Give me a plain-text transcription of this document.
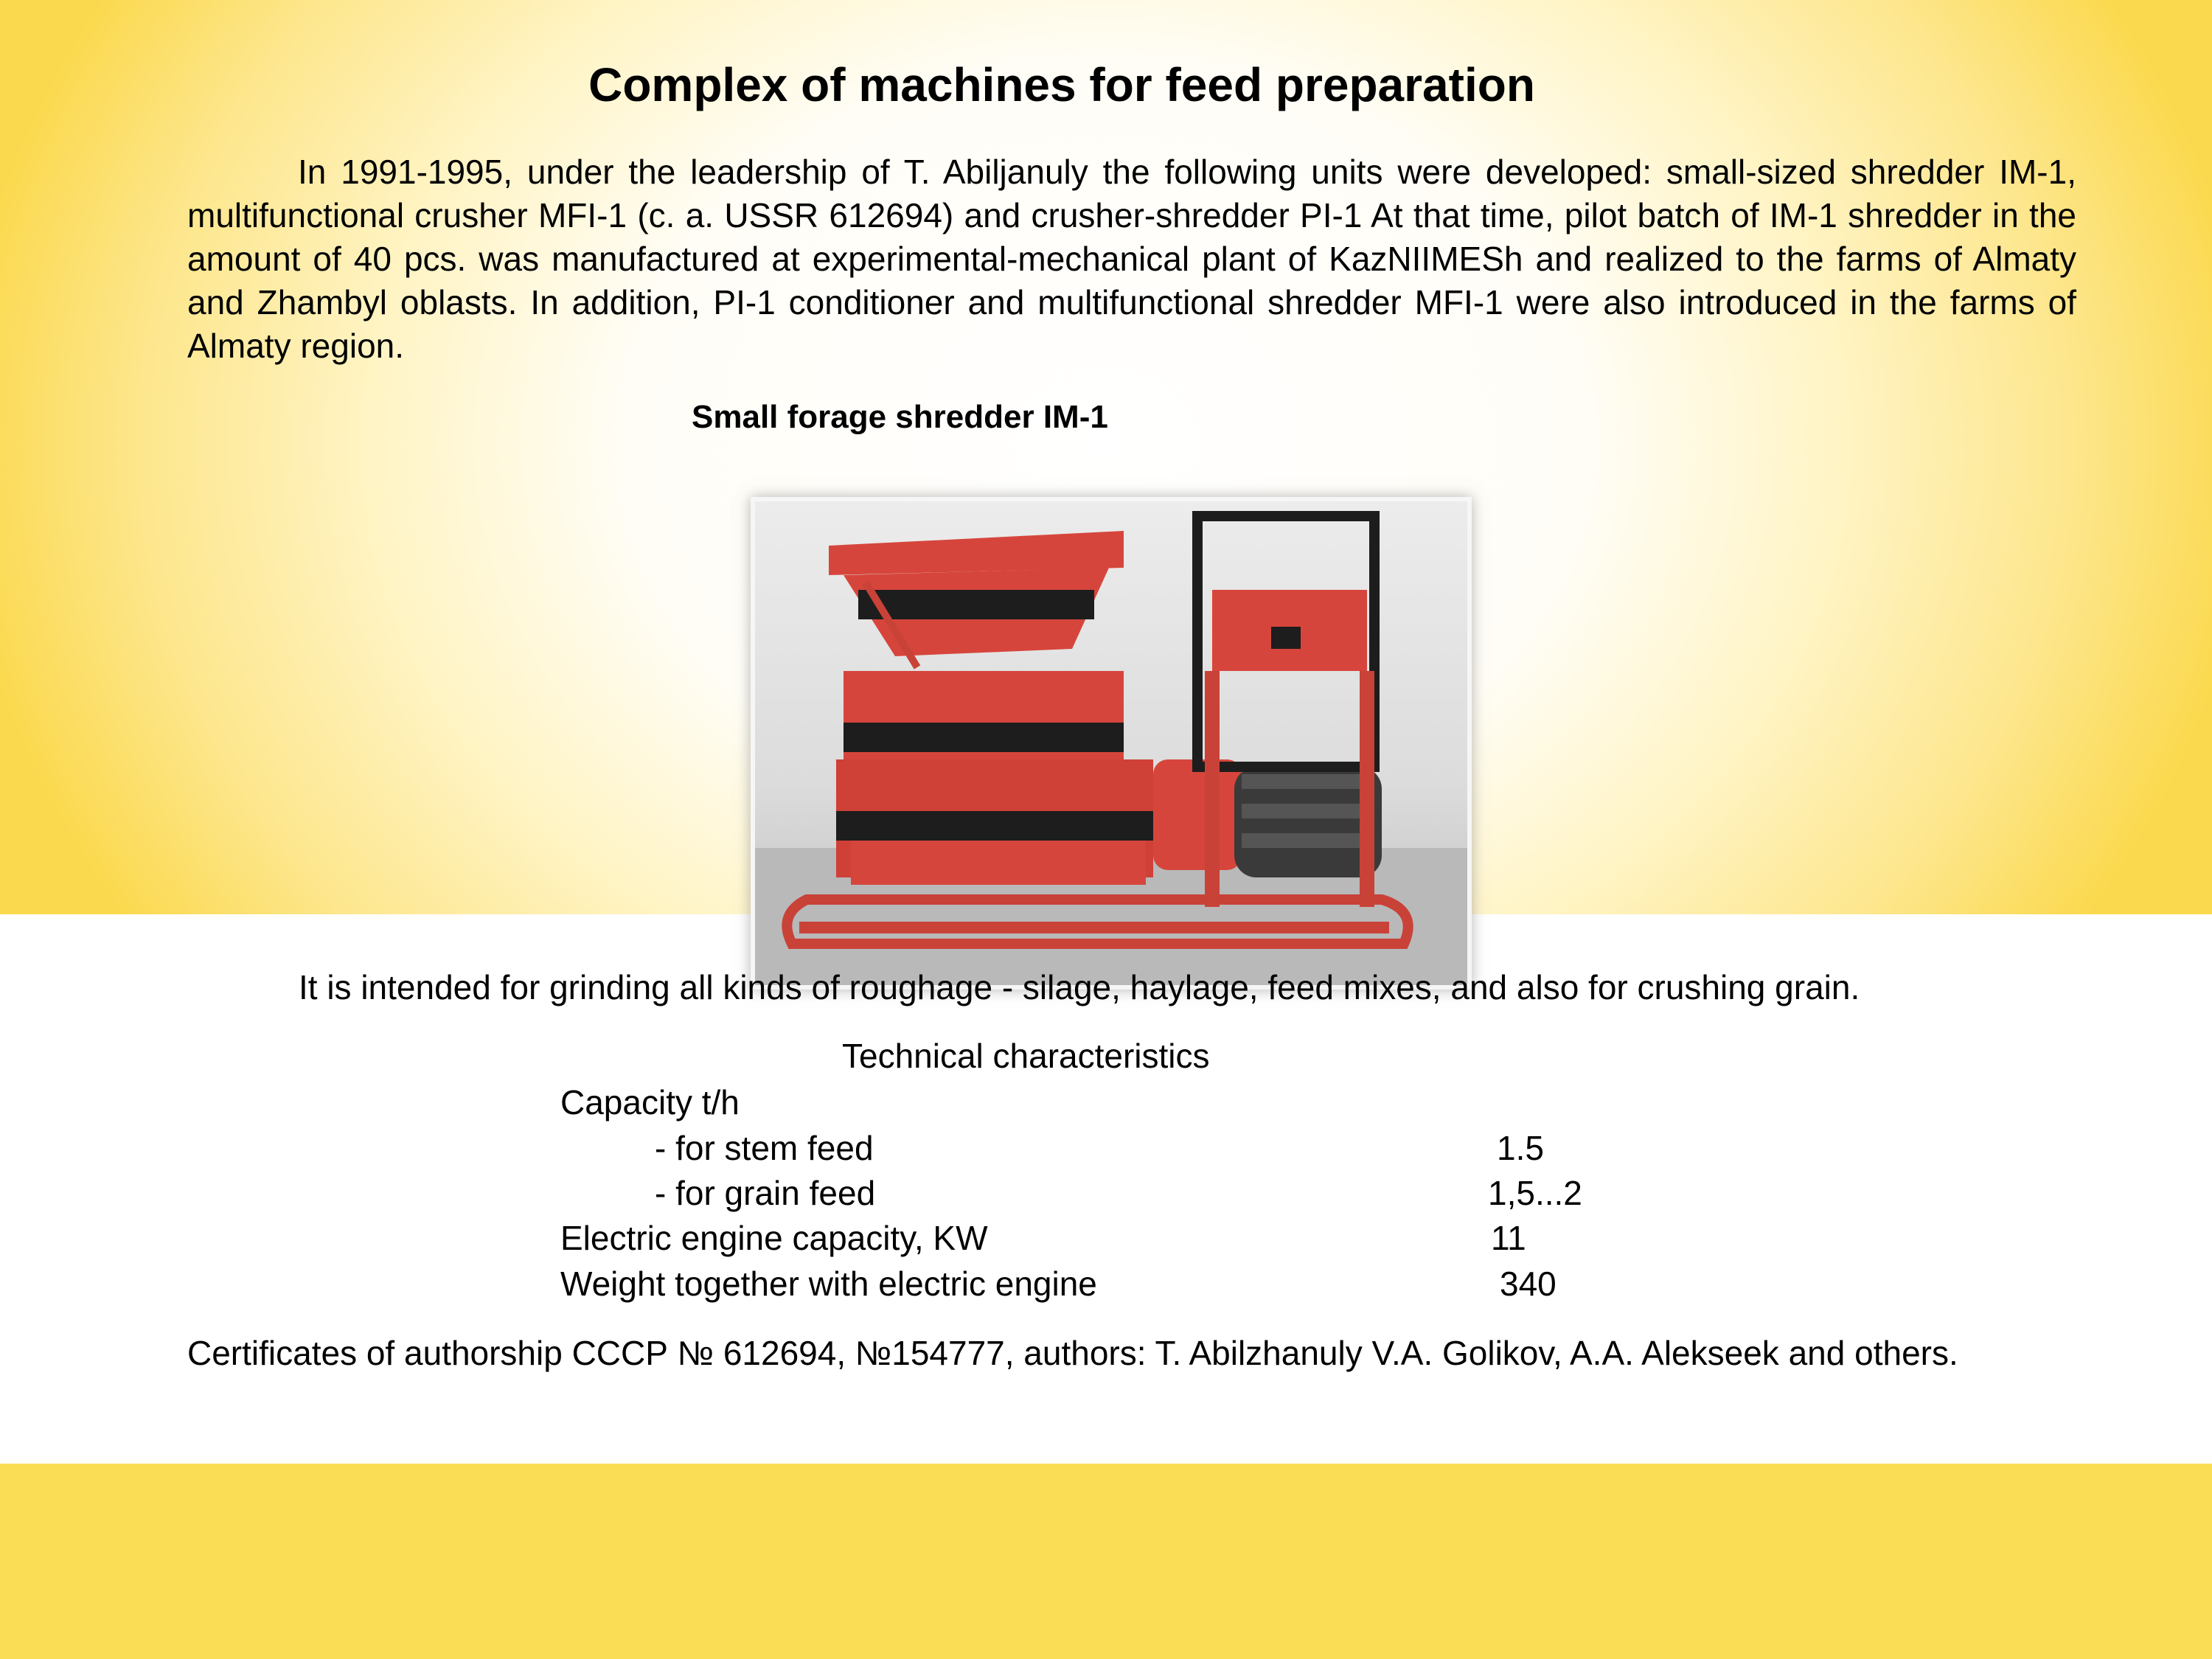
Complex of machines for feed preparation
In 1991-1995, under the leadership of T. Abiljanuly the following units were developed: small-sized shredder IM-1, multifunctional crusher MFI-1 (c. a. USSR 612694) and crusher-shredder PI-1 At that time, pilot batch of IM-1 shredder in the amount of 40 pcs. was manufactured at experimental-mechanical plant of KazNIIMESh and realized to the farms of Almaty and Zhambyl oblasts. In addition, PI-1 conditioner and multifunctional shredder MFI-1 were also introduced in the farms of Almaty region.
Small forage shredder IM-1
It is intended for grinding all kinds of roughage - silage, haylage, feed mixes, and also for crushing grain.
Technical characteristics
Capacity t/h
- for stem feed	1.5
- for grain feed	1,5...2
Electric engine capacity, KW	11
Weight together with electric engine	340
Certificates of authorship СССР № 612694, №154777, authors: T. Abilzhanuly V.A. Golikov, A.A. Alekseek and others.
